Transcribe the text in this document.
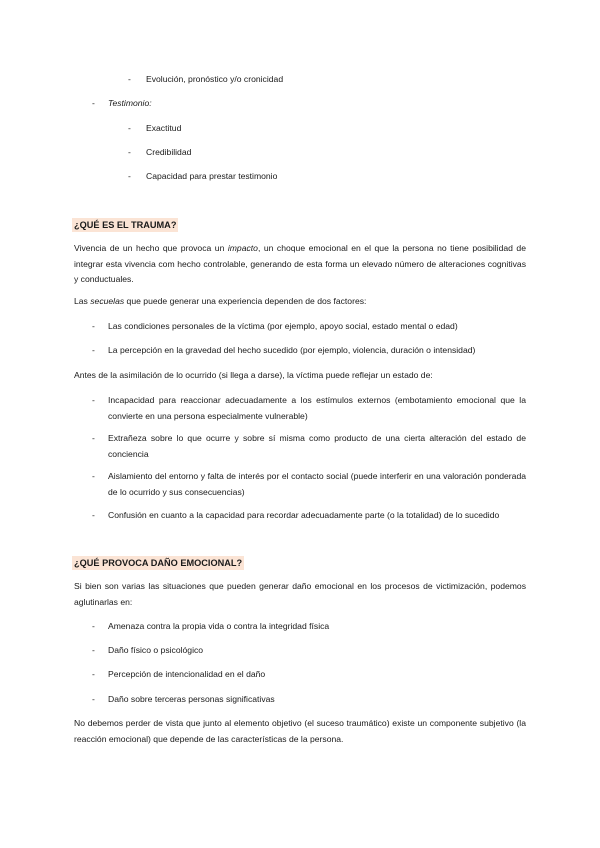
- Evolución, pronóstico y/o cronicidad
- Testimonio:
- Exactitud
- Credibilidad
- Capacidad para prestar testimonio
¿QUÉ ES EL TRAUMA?
Vivencia de un hecho que provoca un impacto, un choque emocional en el que la persona no tiene posibilidad de integrar esta vivencia com hecho controlable, generando de esta forma un elevado número de alteraciones cognitivas y conductuales.
Las secuelas que puede generar una experiencia dependen de dos factores:
- Las condiciones personales de la víctima (por ejemplo, apoyo social, estado mental o edad)
- La percepción en la gravedad del hecho sucedido (por ejemplo, violencia, duración o intensidad)
Antes de la asimilación de lo ocurrido (si llega a darse), la víctima puede reflejar un estado de:
- Incapacidad para reaccionar adecuadamente a los estímulos externos (embotamiento emocional que la convierte en una persona especialmente vulnerable)
- Extrañeza sobre lo que ocurre y sobre sí misma como producto de una cierta alteración del estado de conciencia
- Aislamiento del entorno y falta de interés por el contacto social (puede interferir en una valoración ponderada de lo ocurrido y sus consecuencias)
- Confusión en cuanto a la capacidad para recordar adecuadamente parte (o la totalidad) de lo sucedido
¿QUÉ PROVOCA DAÑO EMOCIONAL?
Si bien son varias las situaciones que pueden generar daño emocional en los procesos de victimización, podemos aglutinarlas en:
- Amenaza contra la propia vida o contra la integridad física
- Daño físico o psicológico
- Percepción de intencionalidad en el daño
- Daño sobre terceras personas significativas
No debemos perder de vista que junto al elemento objetivo (el suceso traumático) existe un componente subjetivo (la reacción emocional) que depende de las características de la persona.
